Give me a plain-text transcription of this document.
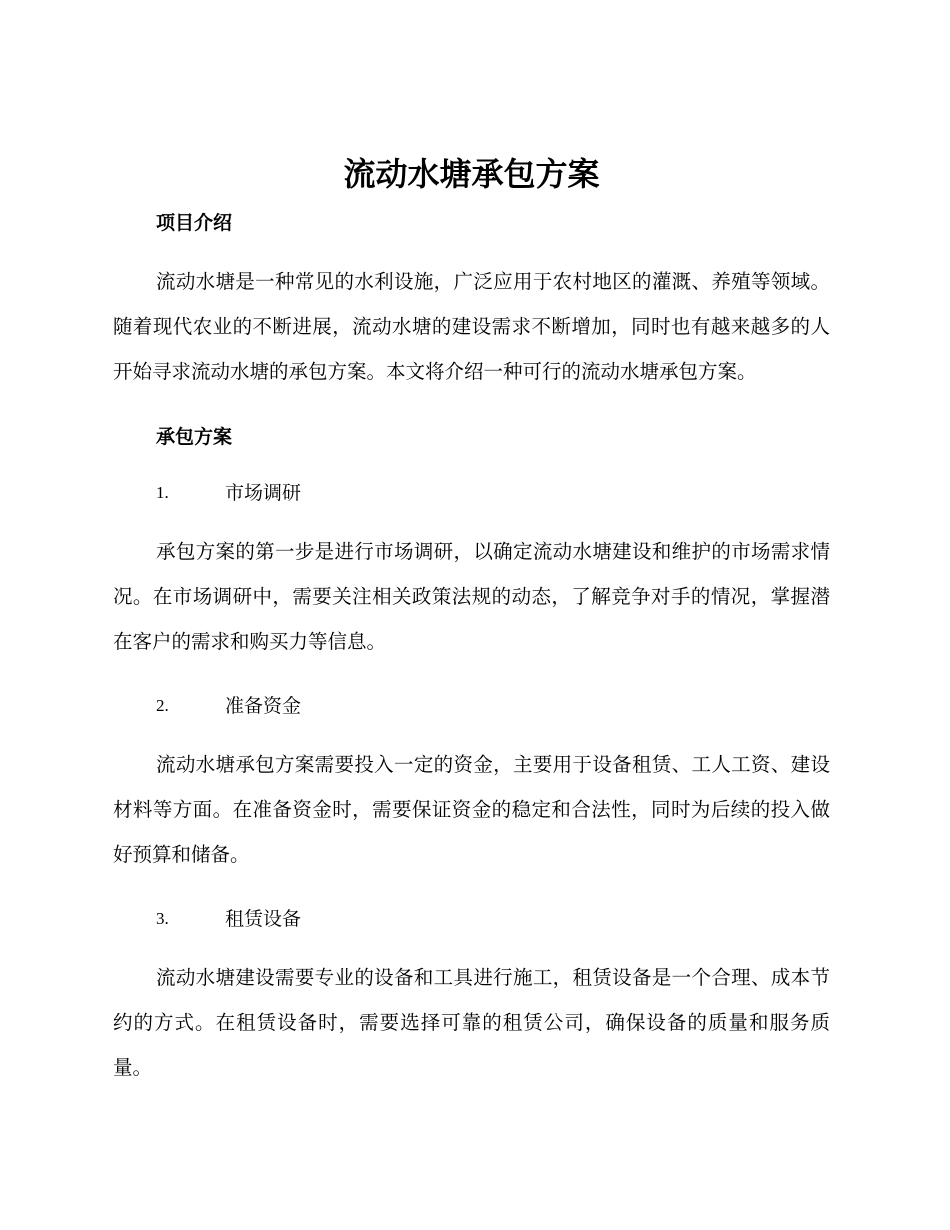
流动水塘承包方案
项目介绍

流动水塘是一种常见的水利设施，广泛应用于农村地区的灌溉、养殖等领域。随着现代农业的不断进展，流动水塘的建设需求不断增加，同时也有越来越多的人开始寻求流动水塘的承包方案。本文将介绍一种可行的流动水塘承包方案。

承包方案
1.	市场调研

承包方案的第一步是进行市场调研，以确定流动水塘建设和维护的市场需求情况。在市场调研中，需要关注相关政策法规的动态，了解竞争对手的情况，掌握潜在客户的需求和购买力等信息。

2.	准备资金

流动水塘承包方案需要投入一定的资金，主要用于设备租赁、工人工资、建设材料等方面。在准备资金时，需要保证资金的稳定和合法性，同时为后续的投入做好预算和储备。

3.	租赁设备

流动水塘建设需要专业的设备和工具进行施工，租赁设备是一个合理、成本节约的方式。在租赁设备时，需要选择可靠的租赁公司，确保设备的质量和服务质量。
